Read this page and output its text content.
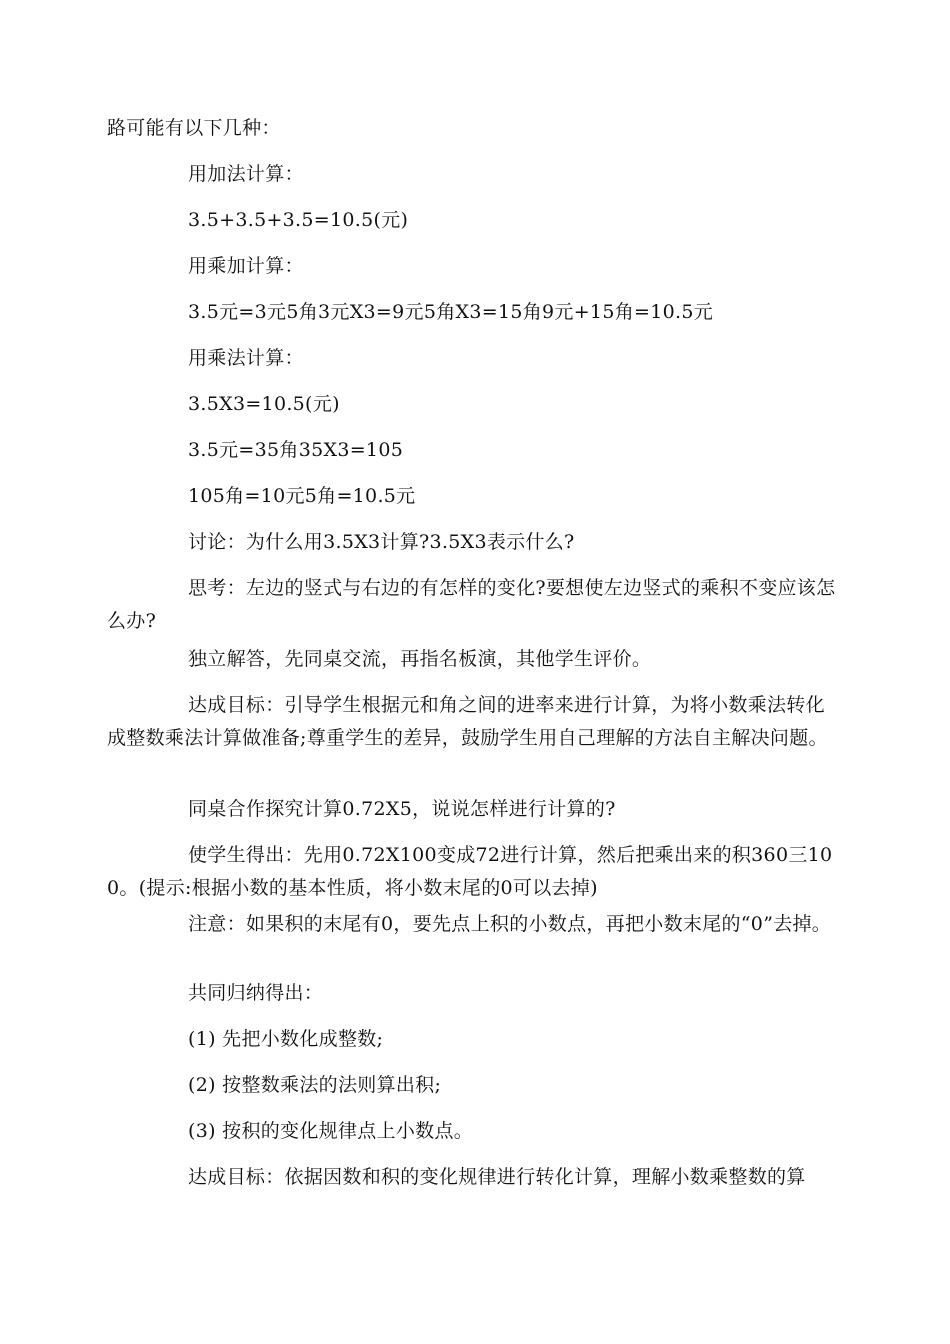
路可能有以下几种：
用加法计算：
3.5+3.5+3.5=10.5(元)
用乘加计算：
3.5元=3元5角3元X3=9元5角X3=15角9元+15角=10.5元
用乘法计算：
3.5X3=10.5(元)
3.5元=35角35X3=105
105角=10元5角=10.5元
讨论：为什么用3.5X3计算?3.5X3表示什么?
思考：左边的竖式与右边的有怎样的变化?要想使左边竖式的乘积不变应该怎么办?
独立解答，先同桌交流，再指名板演，其他学生评价。
达成目标：引导学生根据元和角之间的进率来进行计算，为将小数乘法转化成整数乘法计算做准备;尊重学生的差异，鼓励学生用自己理解的方法自主解决问题。
同桌合作探究计算0.72X5，说说怎样进行计算的?
使学生得出：先用0.72X100变成72进行计算，然后把乘出来的积360三100。(提示:根据小数的基本性质，将小数末尾的0可以去掉)
注意：如果积的末尾有0，要先点上积的小数点，再把小数末尾的“0”去掉。
共同归纳得出：
(1) 先把小数化成整数;
(2) 按整数乘法的法则算出积;
(3) 按积的变化规律点上小数点。
达成目标：依据因数和积的变化规律进行转化计算，理解小数乘整数的算
